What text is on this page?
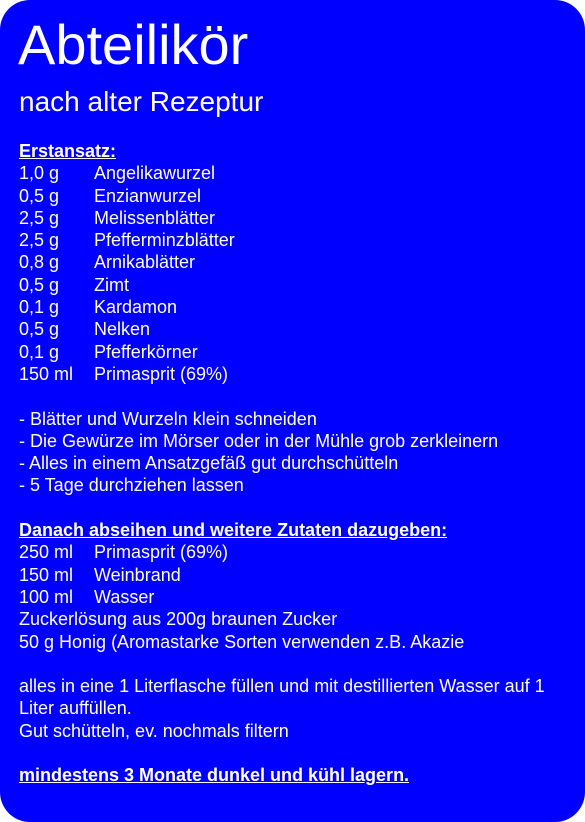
Abteilikör
nach alter Rezeptur
Erstansatz:
1,0 g	Angelikawurzel
0,5 g	Enzianwurzel
2,5 g	Melissenblätter
2,5 g	Pfefferminzblätter
0,8 g	Arnikablätter
0,5 g	Zimt
0,1 g	Kardamon
0,5 g	Nelken
0,1 g	Pfefferkörner
150 ml	Primasprit (69%)
- Blätter und Wurzeln klein schneiden
- Die Gewürze im Mörser oder in der Mühle grob zerkleinern
- Alles in einem Ansatzgefäß gut durchschütteln
- 5 Tage durchziehen lassen
Danach abseihen und weitere Zutaten dazugeben:
250 ml	Primasprit (69%)
150 ml	Weinbrand
100 ml	Wasser
Zuckerlösung aus 200g braunen Zucker
50 g Honig (Aromastarke Sorten verwenden z.B. Akazie
alles in eine 1 Literflasche füllen und mit destillierten Wasser auf 1 Liter auffüllen.
Gut schütteln, ev. nochmals filtern
mindestens 3 Monate dunkel und kühl lagern.
